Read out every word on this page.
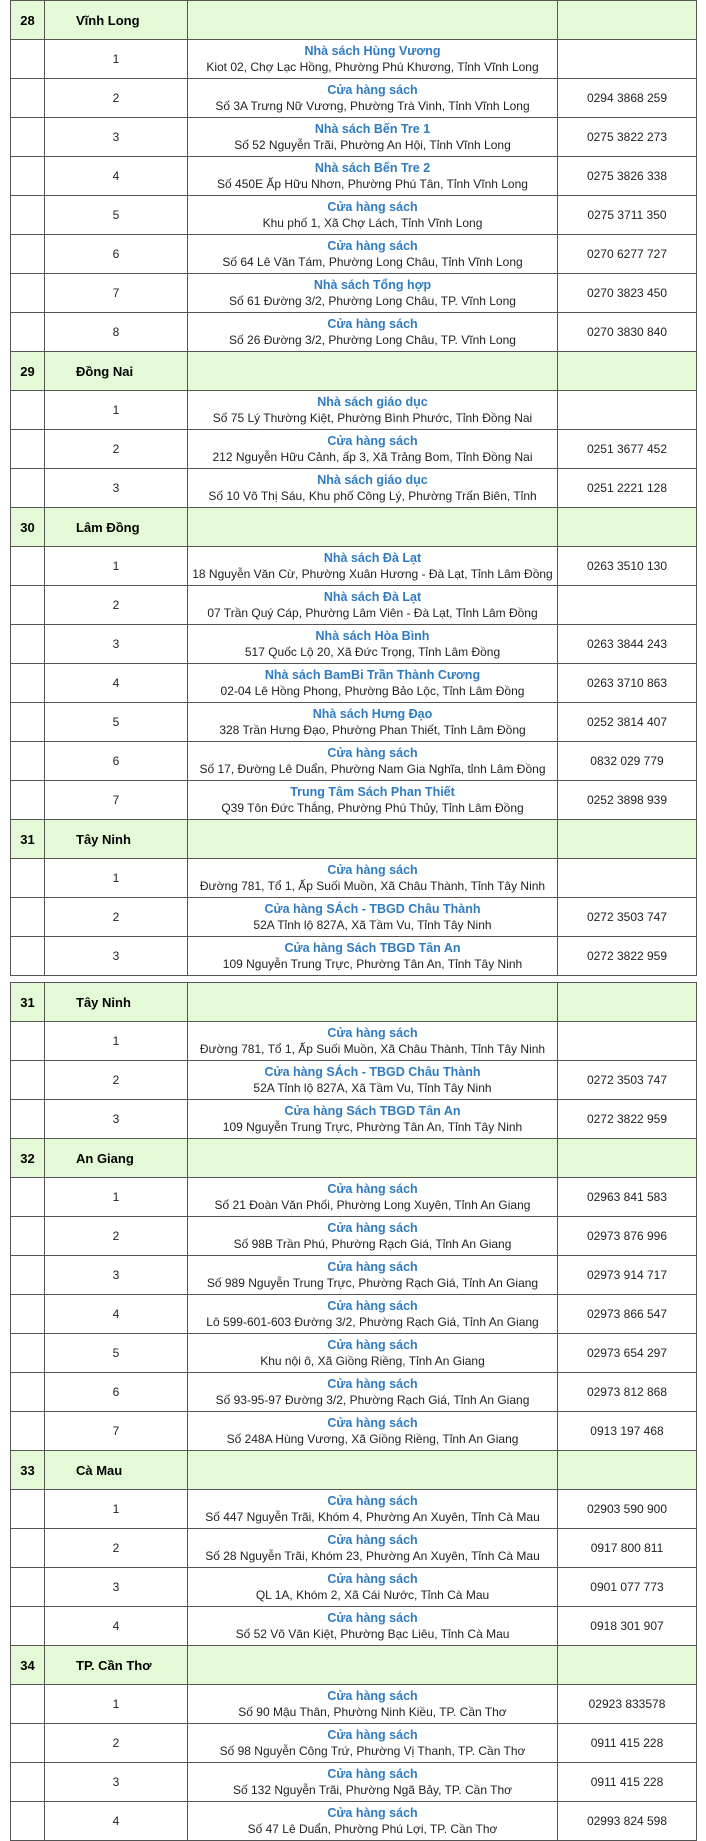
28	Vĩnh Long		
	1	Nhà sách Hùng Vương
Kiot 02, Chợ Lạc Hồng, Phường Phú Khương, Tỉnh Vĩnh Long	

	2	Cửa hàng sách
Số 3A Trưng Nữ Vương, Phường Trà Vinh, Tỉnh Vĩnh Long	0294 3868 259
	3	Nhà sách Bến Tre 1
Số 52 Nguyễn Trãi, Phường An Hội, Tỉnh Vĩnh Long	0275 3822 273
	4	Nhà sách Bến Tre 2
Số 450E Ấp Hữu Nhơn, Phường Phú Tân, Tỉnh Vĩnh Long	0275 3826 338
	5	Cửa hàng sách
Khu phố 1, Xã Chợ Lách, Tỉnh Vĩnh Long	0275 3711 350
	6	Cửa hàng sách
Số 64 Lê Văn Tám, Phường Long Châu, Tỉnh Vĩnh Long	0270 6277 727
	7	Nhà sách Tổng hợp
Số 61 Đường 3/2, Phường Long Châu, TP. Vĩnh Long	0270 3823 450
	8	Cửa hàng sách
Số 26 Đường 3/2, Phường Long Châu, TP. Vĩnh Long	0270 3830 840
29	Đồng Nai		
	1	Nhà sách giáo dục
Số 75 Lý Thường Kiệt, Phường Bình Phước, Tỉnh Đồng Nai	

	2	Cửa hàng sách
212 Nguyễn Hữu Cảnh, ấp 3, Xã Trảng Bom, Tỉnh Đồng Nai	0251 3677 452
	3	Nhà sách giáo dục
Số 10 Võ Thị Sáu, Khu phố Công Lý, Phường Trấn Biên, Tỉnh	0251 2221 128
30	Lâm Đồng		
	1	Nhà sách Đà Lạt
18 Nguyễn Văn Cừ, Phường Xuân Hương - Đà Lạt, Tỉnh Lâm Đồng	0263 3510 130
	2	Nhà sách Đà Lạt
07 Trần Quý Cáp, Phường Lâm Viên - Đà Lạt, Tỉnh Lâm Đồng	

	3	Nhà sách Hòa Bình
517 Quốc Lộ 20, Xã Đức Trọng, Tỉnh Lâm Đồng	0263 3844 243
	4	Nhà sách BamBi Trần Thành Cương
02-04 Lê Hồng Phong, Phường Bảo Lộc, Tỉnh Lâm Đồng	0263 3710 863
	5	Nhà sách Hưng Đạo
328 Trần Hưng Đạo, Phường Phan Thiết, Tỉnh Lâm Đồng	0252 3814 407
	6	Cửa hàng sách
Số 17, Đường Lê Duẩn, Phường Nam Gia Nghĩa, tỉnh Lâm Đồng	0832 029 779
	7	Trung Tâm Sách Phan Thiết
Q39 Tôn Đức Thắng, Phường Phú Thủy, Tỉnh Lâm Đồng	0252 3898 939
31	Tây Ninh		
	1	Cửa hàng sách
Đường 781, Tổ 1, Ấp Suối Muồn, Xã Châu Thành, Tỉnh Tây Ninh	

	2	Cửa hàng SÁch - TBGD Châu Thành
52A Tỉnh lộ 827A, Xã Tầm Vu, Tỉnh Tây Ninh	0272 3503 747
	3	Cửa hàng Sách TBGD Tân An
109 Nguyễn Trung Trực, Phường Tân An, Tỉnh Tây Ninh	0272 3822 959
31	Tây Ninh		
	1	Cửa hàng sách
Đường 781, Tổ 1, Ấp Suối Muồn, Xã Châu Thành, Tỉnh Tây Ninh	

	2	Cửa hàng SÁch - TBGD Châu Thành
52A Tỉnh lộ 827A, Xã Tầm Vu, Tỉnh Tây Ninh	0272 3503 747
	3	Cửa hàng Sách TBGD Tân An
109 Nguyễn Trung Trực, Phường Tân An, Tỉnh Tây Ninh	0272 3822 959
32	An Giang		
	1	Cửa hàng sách
Số 21 Đoàn Văn Phối, Phường Long Xuyên, Tỉnh An Giang	02963 841 583
	2	Cửa hàng sách
Số 98B Trần Phú, Phường Rạch Giá, Tỉnh An Giang	02973 876 996
	3	Cửa hàng sách
Số 989 Nguyễn Trung Trực, Phường Rạch Giá, Tỉnh An Giang	02973 914 717
	4	Cửa hàng sách
Lô 599-601-603 Đường 3/2, Phường Rạch Giá, Tỉnh An Giang	02973 866 547
	5	Cửa hàng sách
Khu nội ô, Xã Giồng Riềng, Tỉnh An Giang	02973 654 297
	6	Cửa hàng sách
Số 93-95-97 Đường 3/2, Phường Rạch Giá, Tỉnh An Giang	02973 812 868
	7	Cửa hàng sách
Số 248A Hùng Vương, Xã Giồng Riềng, Tỉnh An Giang	0913 197 468
33	Cà Mau		
	1	Cửa hàng sách
Số 447 Nguyễn Trãi, Khóm 4, Phường An Xuyên, Tỉnh Cà Mau	02903 590 900
	2	Cửa hàng sách
Số 28 Nguyễn Trãi, Khóm 23, Phường An Xuyên, Tỉnh Cà Mau	0917 800 811
	3	Cửa hàng sách
QL 1A, Khóm 2, Xã Cái Nước, Tỉnh Cà Mau	0901 077 773
	4	Cửa hàng sách
Số 52 Võ Văn Kiệt, Phường Bạc Liêu, Tỉnh Cà Mau	0918 301 907
34	TP. Cần Thơ		
	1	Cửa hàng sách
Số 90 Mậu Thân, Phường Ninh Kiều, TP. Cần Thơ	02923 833578
	2	Cửa hàng sách
Số 98 Nguyễn Công Trứ, Phường Vị Thanh, TP. Cần Thơ	0911 415 228
	3	Cửa hàng sách
Số 132 Nguyễn Trãi, Phường Ngã Bảy, TP. Cần Thơ	0911 415 228
	4	Cửa hàng sách
Số 47 Lê Duẩn, Phường Phú Lợi, TP. Cần Thơ	02993 824 598
